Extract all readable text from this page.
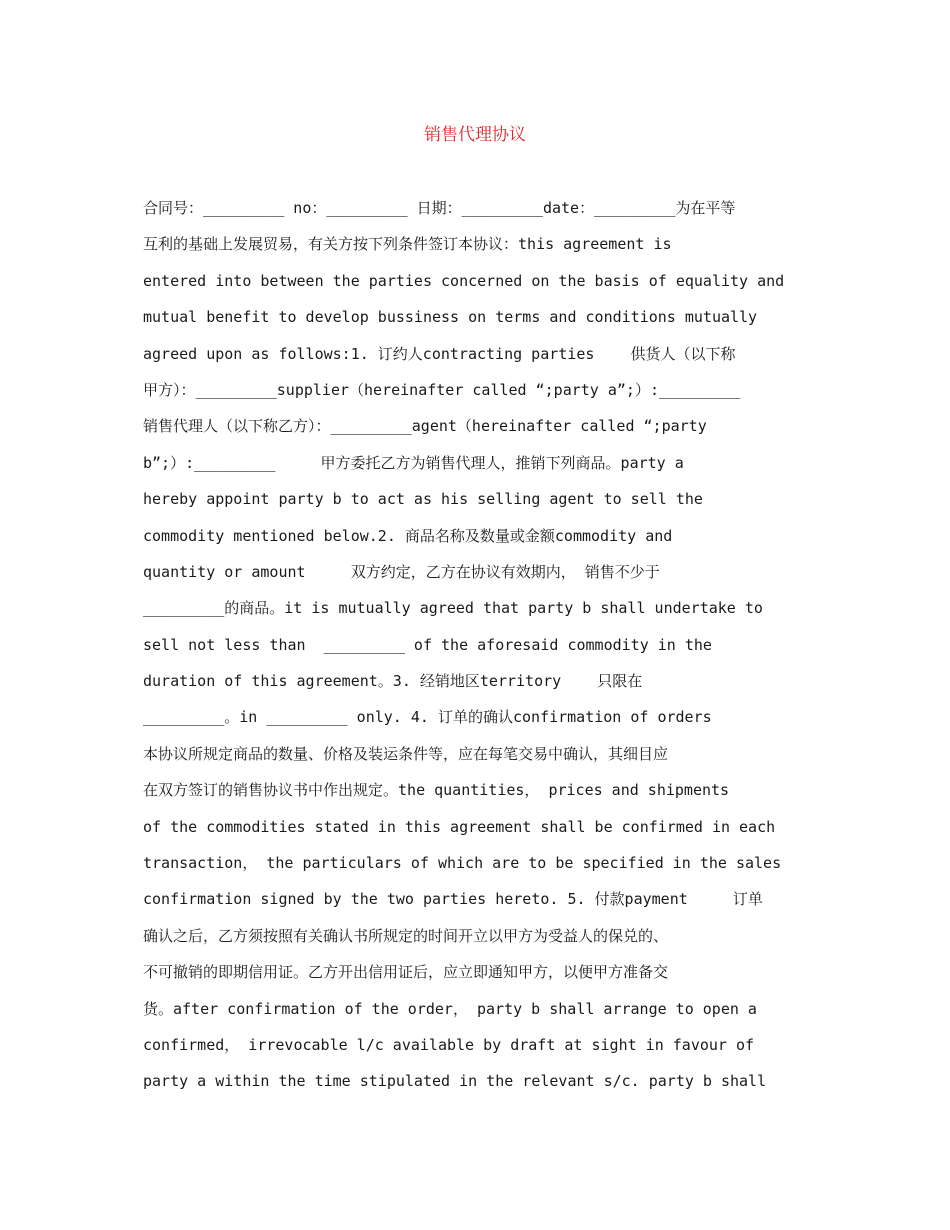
销售代理协议
合同号：_________ no：_________ 日期：_________date：_________为在平等
互利的基础上发展贸易，有关方按下列条件签订本协议：this agreement is
entered into between the parties concerned on the basis of equality and
mutual benefit to develop bussiness on terms and conditions mutually
agreed upon as follows:1. 订约人contracting parties    供货人（以下称
甲方）：_________supplier（hereinafter called “;party a”;）:_________
销售代理人（以下称乙方）：_________agent（hereinafter called “;party
b”;）:_________     甲方委托乙方为销售代理人，推销下列商品。party a
hereby appoint party b to act as his selling agent to sell the
commodity mentioned below.2. 商品名称及数量或金额commodity and
quantity or amount     双方约定，乙方在协议有效期内， 销售不少于
_________的商品。it is mutually agreed that party b shall undertake to
sell not less than  _________ of the aforesaid commodity in the
duration of this agreement。3. 经销地区territory    只限在
_________。in _________ only. 4. 订单的确认confirmation of orders
本协议所规定商品的数量、价格及装运条件等，应在每笔交易中确认，其细目应
在双方签订的销售协议书中作出规定。the quantities， prices and shipments
of the commodities stated in this agreement shall be confirmed in each
transaction， the particulars of which are to be specified in the sales
confirmation signed by the two parties hereto. 5. 付款payment     订单
确认之后，乙方须按照有关确认书所规定的时间开立以甲方为受益人的保兑的、
不可撤销的即期信用证。乙方开出信用证后，应立即通知甲方，以便甲方准备交
货。after confirmation of the order， party b shall arrange to open a
confirmed， irrevocable l/c available by draft at sight in favour of
party a within the time stipulated in the relevant s/c. party b shall
